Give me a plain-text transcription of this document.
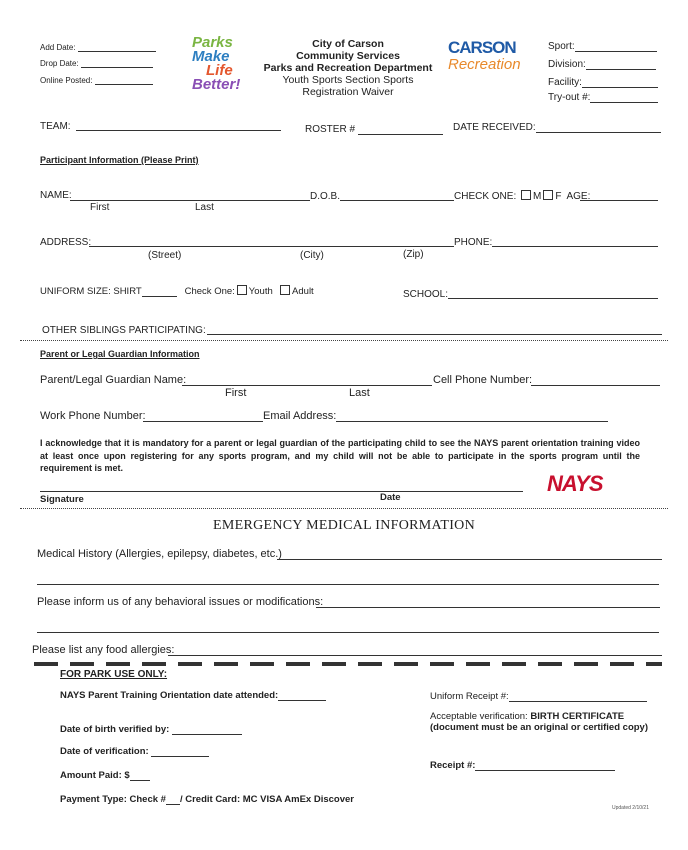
Add Date:
Drop Date:
Online Posted:
Parks
Make
Life
Better!
City of Carson
Community Services
Parks and Recreation Department
Youth Sports Section Sports
Registration Waiver
CARSON
Recreation
Sport:
Division:
Facility:
Try-out #:
TEAM:	ROSTER #	DATE RECEIVED:
Participant Information (Please Print)
NAME:
First	Last
D.O.B.	CHECK ONE: M F AGE:
ADDRESS:
(Street)	(City)	(Zip)
PHONE:
UNIFORM SIZE: SHIRT	Check One: Youth Adult	SCHOOL:
OTHER SIBLINGS PARTICIPATING:
Parent or Legal Guardian Information
Parent/Legal Guardian Name:
First	Last
Cell Phone Number:
Work Phone Number:	Email Address:
I acknowledge that it is mandatory for a parent or legal guardian of the participating child to see the NAYS parent orientation training video at least once upon registering for any sports program, and my child will not be able to participate in the sports program until the requirement is met.
Signature	Date
NAYS
EMERGENCY MEDICAL INFORMATION
Medical History (Allergies, epilepsy, diabetes, etc.)
Please inform us of any behavioral issues or modifications:
Please list any food allergies:
FOR PARK USE ONLY:
NAYS Parent Training Orientation date attended:
Date of birth verified by:
Date of verification:
Amount Paid: $
Payment Type: Check # / Credit Card: MC VISA AmEx Discover
Uniform Receipt #:
Acceptable verification: BIRTH CERTIFICATE
(document must be an original or certified copy)
Receipt #:
Updated 2/10/21
